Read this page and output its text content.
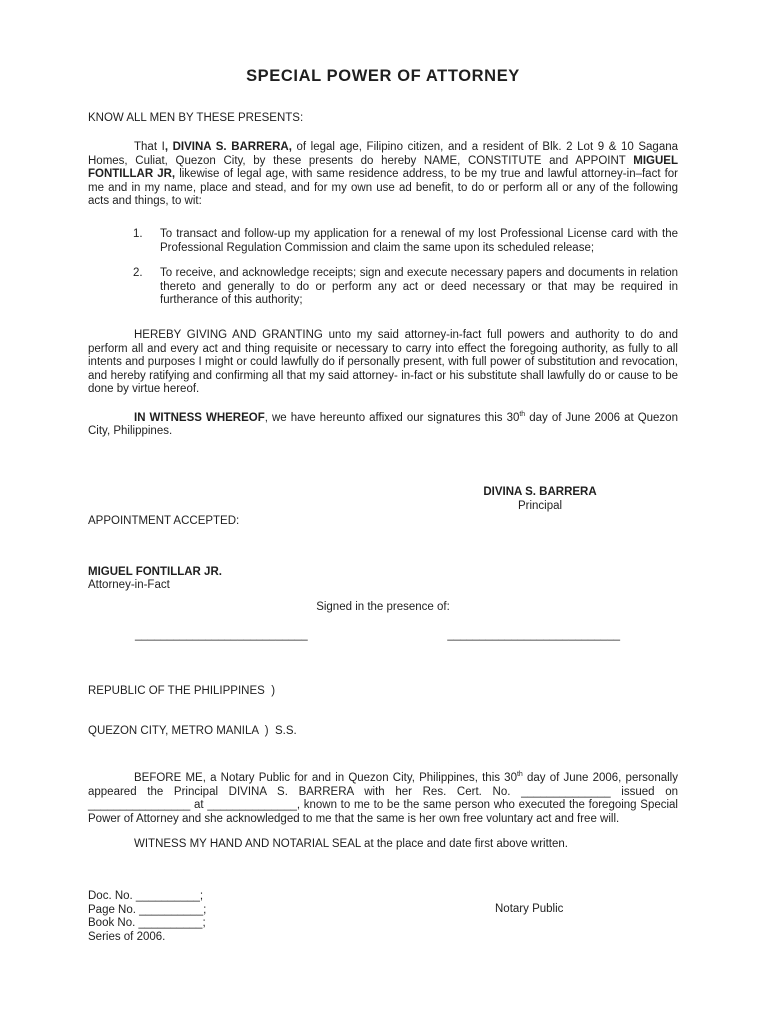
SPECIAL POWER OF ATTORNEY

KNOW ALL MEN BY THESE PRESENTS:

That I, DIVINA S. BARRERA, of legal age, Filipino citizen, and a resident of Blk. 2 Lot 9 & 10 Sagana Homes, Culiat, Quezon City, by these presents do hereby NAME, CONSTITUTE and APPOINT MIGUEL FONTILLAR JR, likewise of legal age, with same residence address, to be my true and lawful attorney-in–fact for me and in my name, place and stead, and for my own use ad benefit, to do or perform all or any of the following acts and things, to wit:

1.	To transact and follow-up my application for a renewal of my lost Professional License card with the Professional Regulation Commission and claim the same upon its scheduled release;
2.	To receive, and acknowledge receipts; sign and execute necessary papers and documents in relation thereto and generally to do or perform any act or deed necessary or that may be required in furtherance of this authority;

HEREBY GIVING AND GRANTING unto my said attorney-in-fact full powers and authority to do and perform all and every act and thing requisite or necessary to carry into effect the foregoing authority, as fully to all intents and purposes I might or could lawfully do if personally present, with full power of substitution and revocation, and hereby ratifying and confirming all that my said attorney- in-fact or his substitute shall lawfully do or cause to be done by virtue hereof.

IN WITNESS WHEREOF, we have hereunto affixed our signatures this 30th day of June 2006 at Quezon City, Philippines.

DIVINA S. BARRERA
Principal

APPOINTMENT ACCEPTED:

MIGUEL FONTILLAR JR.
Attorney-in-Fact

Signed in the presence of:

___________________________	___________________________

REPUBLIC OF THE PHILIPPINES  )

QUEZON CITY, METRO MANILA  )  S.S.

BEFORE ME, a Notary Public for and in Quezon City, Philippines, this 30th day of June 2006, personally appeared the Principal DIVINA S. BARRERA with her Res. Cert. No. ______________ issued on ________________ at ______________, known to me to be the same person who executed the foregoing Special Power of Attorney and she acknowledged to me that the same is her own free voluntary act and free will.

WITNESS MY HAND AND NOTARIAL SEAL at the place and date first above written.

Doc. No. __________;
Page No. __________;
Book No. __________;
Series of 2006.
Notary Public
